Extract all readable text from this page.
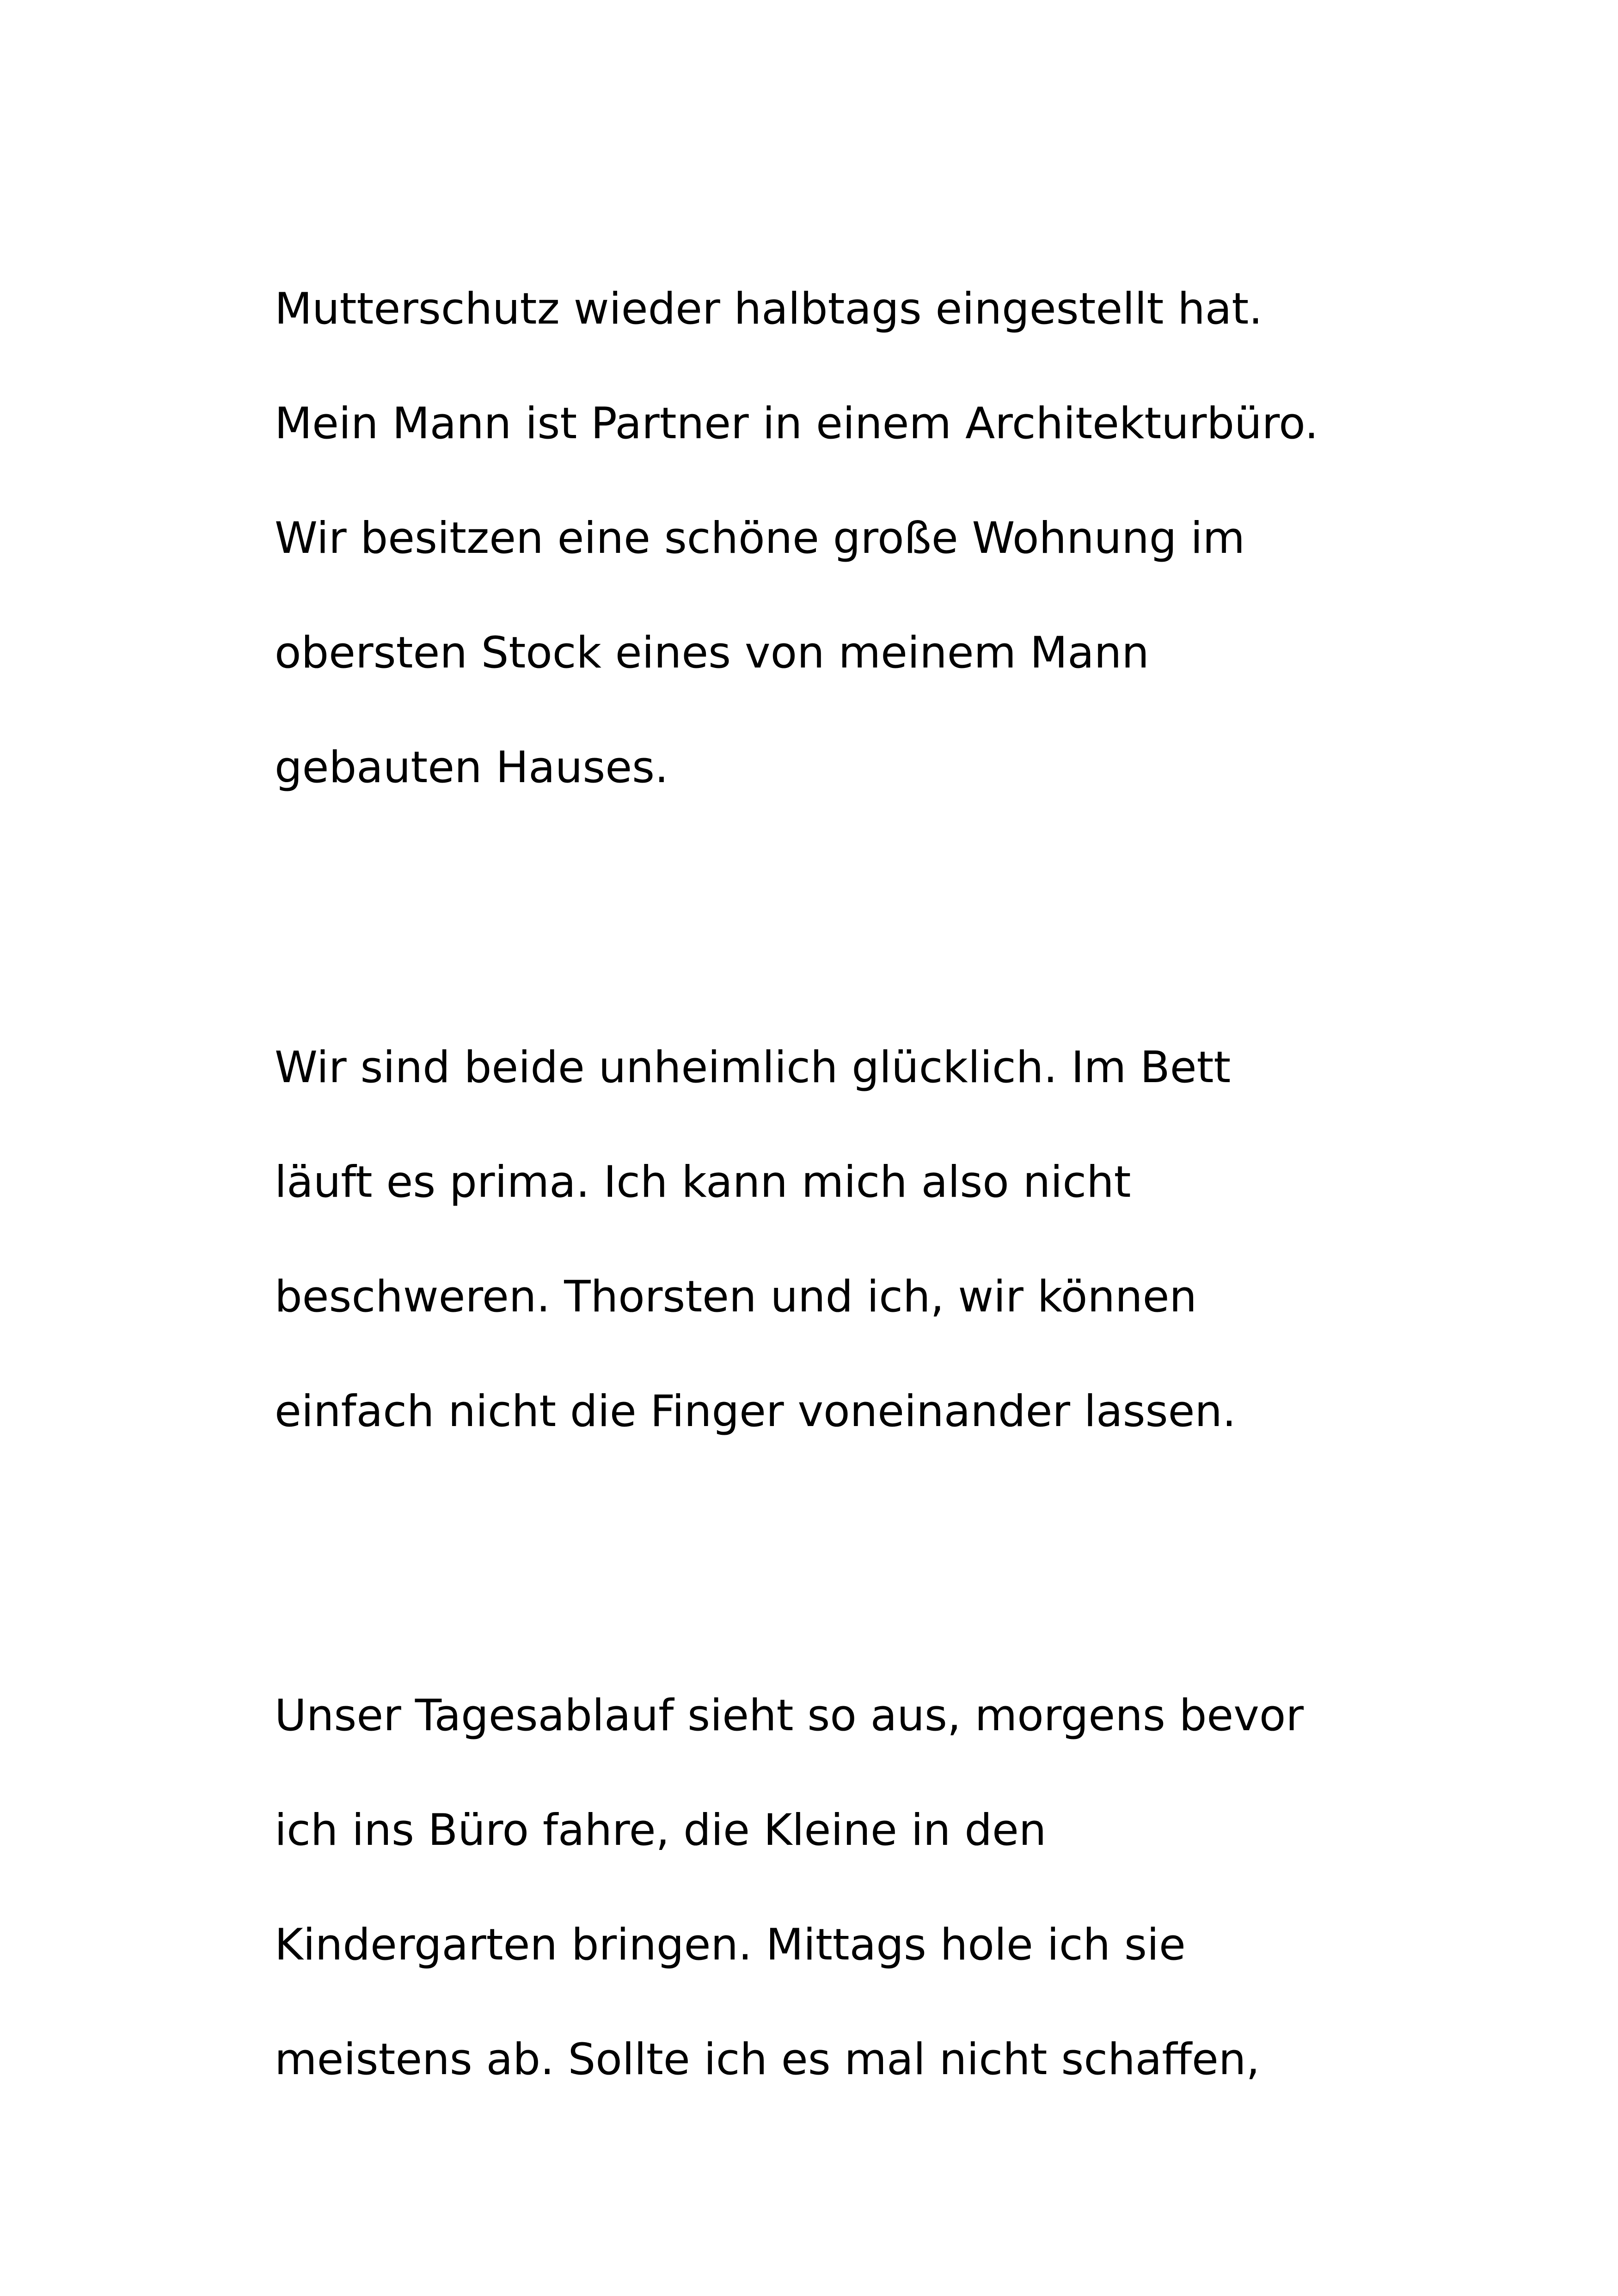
Mutterschutz wieder halbtags eingestellt hat.
Mein Mann ist Partner in einem Architekturbüro.
Wir besitzen eine schöne große Wohnung im
obersten Stock eines von meinem Mann
gebauten Hauses.
Wir sind beide unheimlich glücklich. Im Bett
läuft es prima. Ich kann mich also nicht
beschweren. Thorsten und ich, wir können
einfach nicht die Finger voneinander lassen.
Unser Tagesablauf sieht so aus, morgens bevor
ich ins Büro fahre, die Kleine in den
Kindergarten bringen. Mittags hole ich sie
meistens ab. Sollte ich es mal nicht schaffen,
